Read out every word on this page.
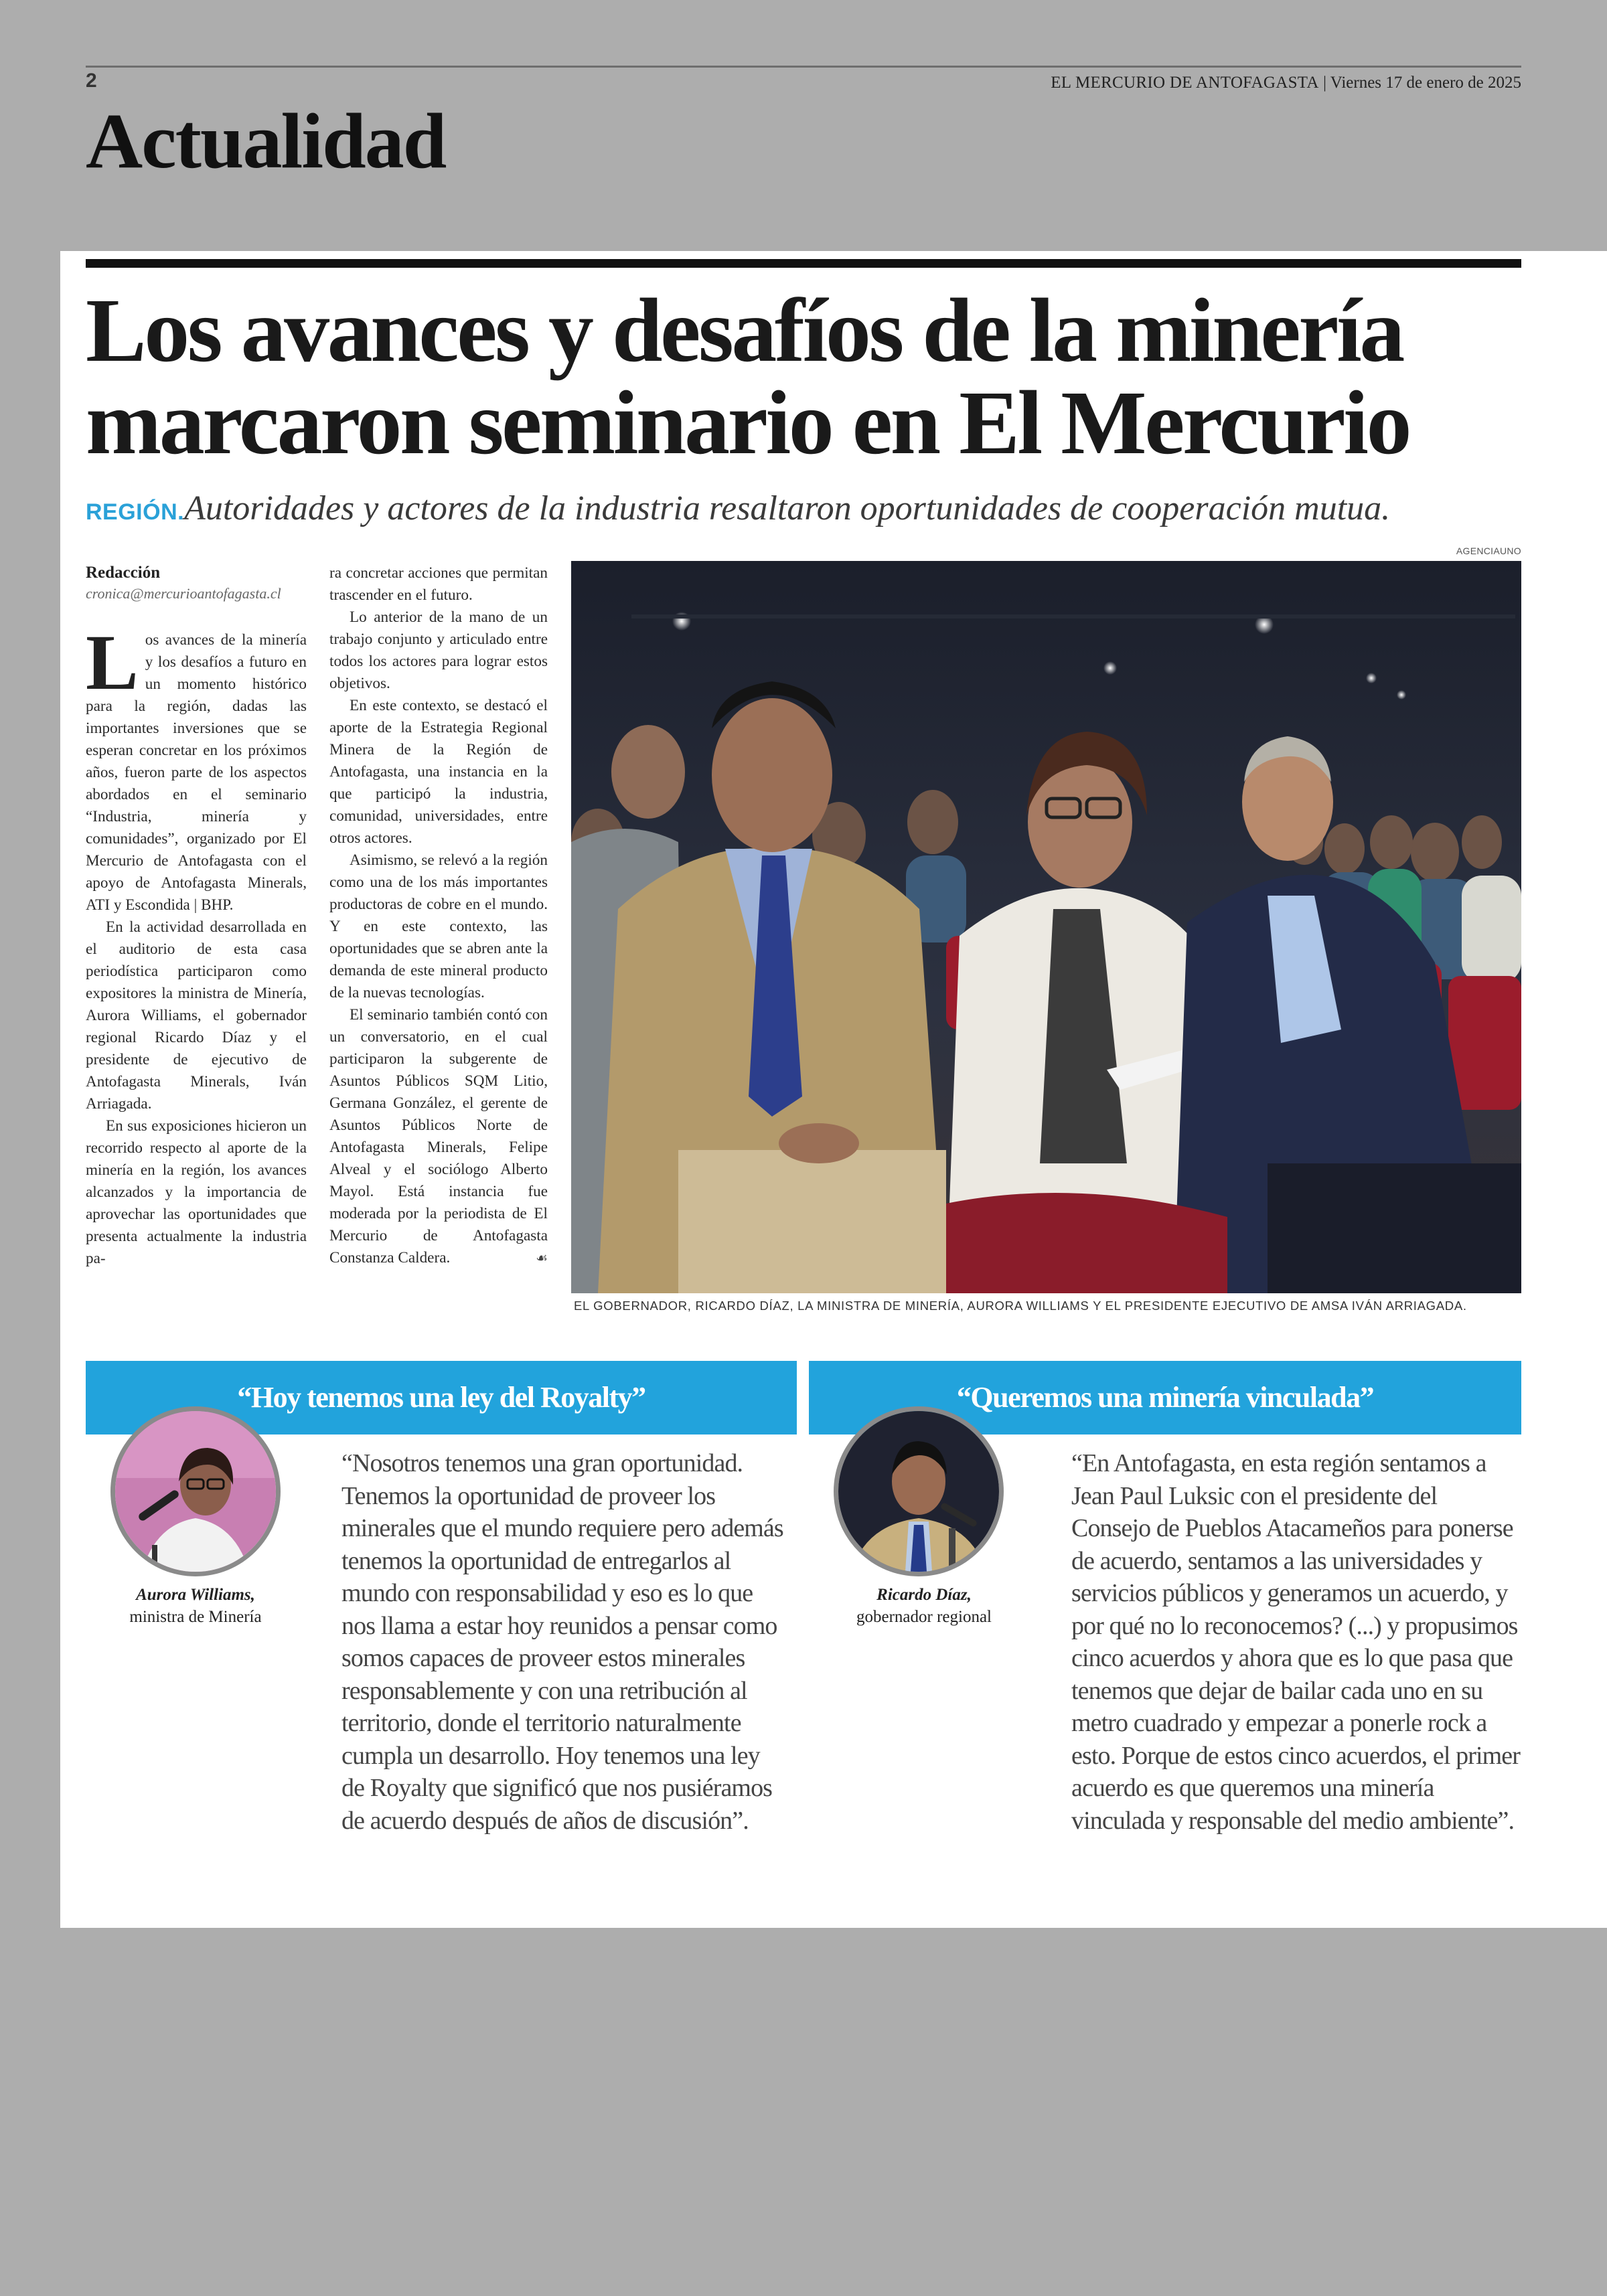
2	EL MERCURIO DE ANTOFAGASTA | Viernes 17 de enero de 2025
Actualidad
Los avances y desafíos de la minería marcaron seminario en El Mercurio
REGIÓN.Autoridades y actores de la industria resaltaron oportunidades de cooperación mutua.
Redacción
cronica@mercurioantofagasta.cl

Los avances de la minería y los desafíos a futuro en un momento histórico para la región, dadas las importantes inversiones que se esperan concretar en los próximos años, fueron parte de los aspectos abordados en el seminario “Industria, minería y comunidades”, organizado por El Mercurio de Antofagasta con el apoyo de Antofagasta Minerals, ATI y Escondida | BHP.

En la actividad desarrollada en el auditorio de esta casa periodística participaron como expositores la ministra de Minería, Aurora Williams, el gobernador regional Ricardo Díaz y el presidente de ejecutivo de Antofagasta Minerals, Iván Arriagada.

En sus exposiciones hicieron un recorrido respecto al aporte de la minería en la región, los avances alcanzados y la importancia de aprovechar las oportunidades que presenta actualmente la industria pa-

ra concretar acciones que permitan trascender en el futuro.

Lo anterior de la mano de un trabajo conjunto y articulado entre todos los actores para lograr estos objetivos.

En este contexto, se destacó el aporte de la Estrategia Regional Minera de la Región de Antofagasta, una instancia en la que participó la industria, comunidad, universidades, entre otros actores.

Asimismo, se relevó a la región como una de los más importantes productoras de cobre en el mundo. Y en este contexto, las oportunidades que se abren ante la demanda de este mineral producto de la nuevas tecnologías.

El seminario también contó con un conversatorio, en el cual participaron la subgerente de Asuntos Públicos SQM Litio, Germana González, el gerente de Asuntos Públicos Norte de Antofagasta Minerals, Felipe Alveal y el sociólogo Alberto Mayol. Está instancia fue moderada por la periodista de El Mercurio de Antofagasta Constanza Caldera.	☙

AGENCIAUNO
EL GOBERNADOR, RICARDO DÍAZ, LA MINISTRA DE MINERÍA, AURORA WILLIAMS Y EL PRESIDENTE EJECUTIVO DE AMSA IVÁN ARRIAGADA.
“Hoy tenemos una ley del Royalty”
Aurora Williams,
ministra de Minería
“Nosotros tenemos una gran oportunidad. Tenemos la oportunidad de proveer los minerales que el mundo requiere pero además tenemos la oportunidad de entregarlos al mundo con responsabilidad y eso es lo que nos llama a estar hoy reunidos a pensar como somos capaces de proveer estos minerales responsablemente y con una retribución al territorio, donde el territorio naturalmente cumpla un desarrollo. Hoy tenemos una ley de Royalty que significó que nos pusiéramos de acuerdo después de años de discusión”.
“Queremos una minería vinculada”
Ricardo Díaz,
gobernador regional
“En Antofagasta, en esta región sentamos a Jean Paul Luksic con el presidente del Consejo de Pueblos Atacameños para ponerse de acuerdo, sentamos a las universidades y servicios públicos y generamos un acuerdo, y por qué no lo reconocemos? (...) y propusimos cinco acuerdos y ahora que es lo que pasa que tenemos que dejar de bailar cada uno en su metro cuadrado y empezar a ponerle rock a esto. Porque de estos cinco acuerdos, el primer acuerdo es que queremos una minería vinculada y responsable del medio ambiente”.
